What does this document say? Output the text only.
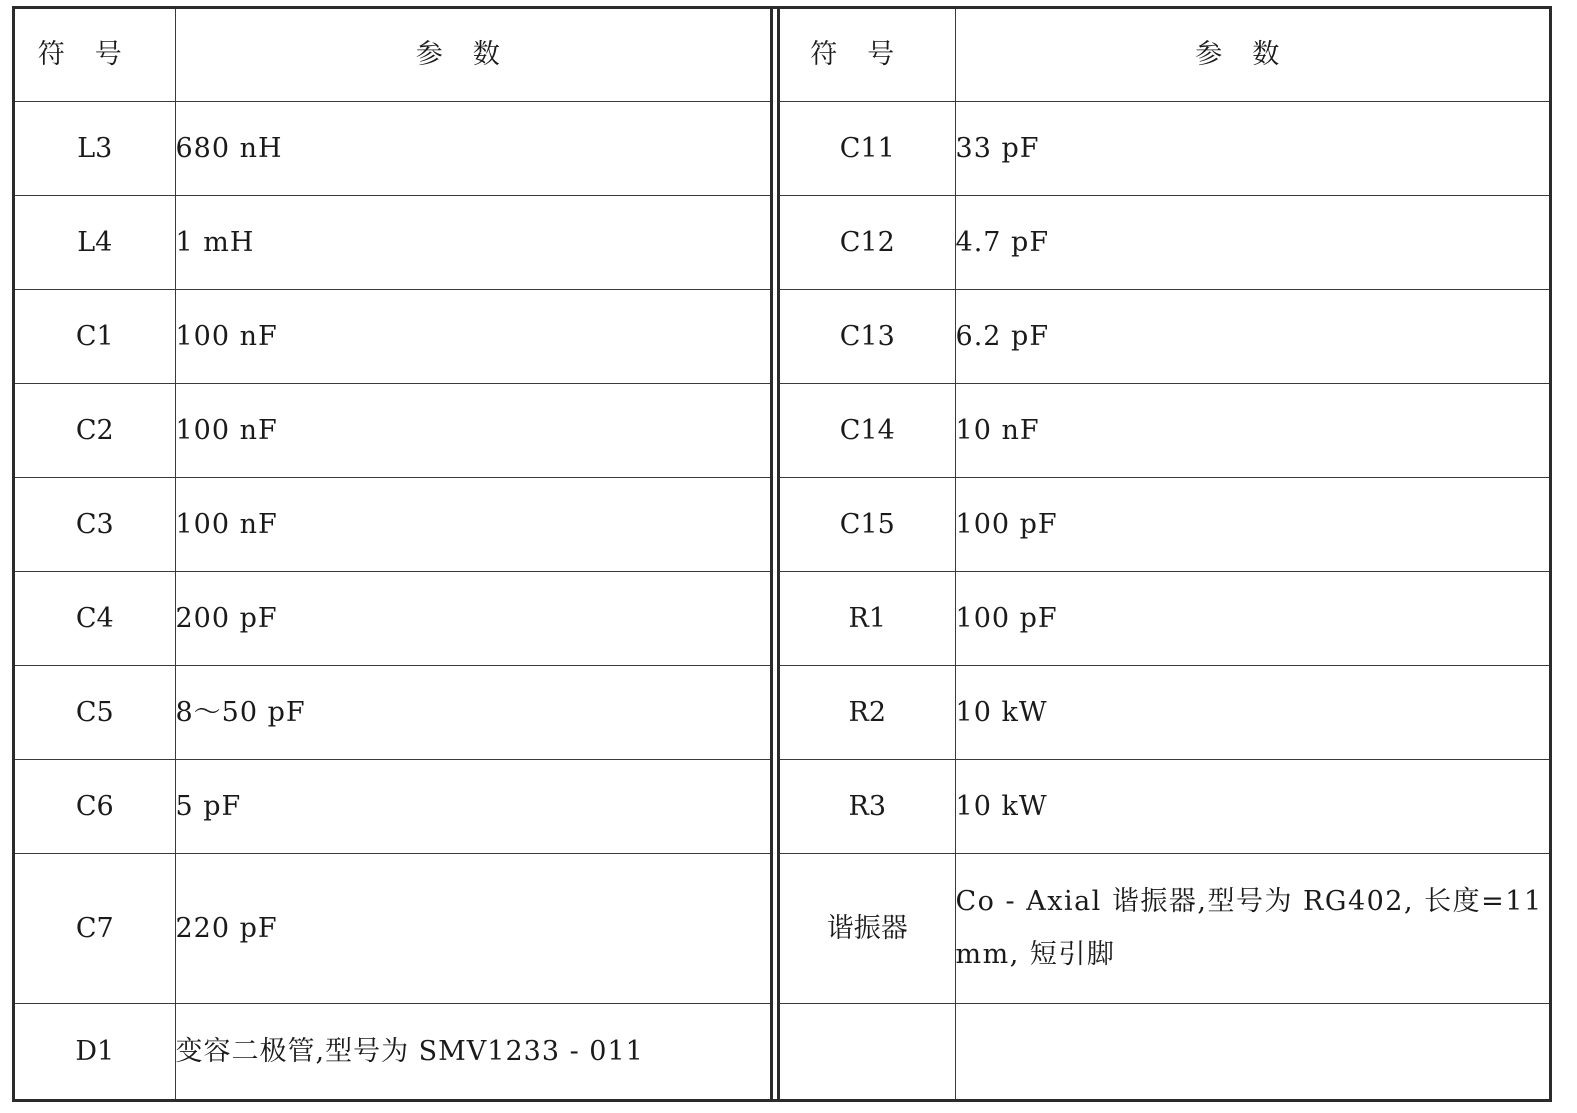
符号	参数
L3	680 nH
L4	1 mH
C1	100 nF
C2	100 nF
C3	100 nF
C4	200 pF
C5	8～50 pF
C6	5 pF
C7	220 pF
D1	变容二极管,型号为 SMV1233 - 011
符号	参数
C11	33 pF
C12	4.7 pF
C13	6.2 pF
C14	10 nF
C15	100 pF
R1	100 pF
R2	10 kW
R3	10 kW
谐振器	Co - Axial 谐振器,型号为 RG402, 长度=11 mm, 短引脚
